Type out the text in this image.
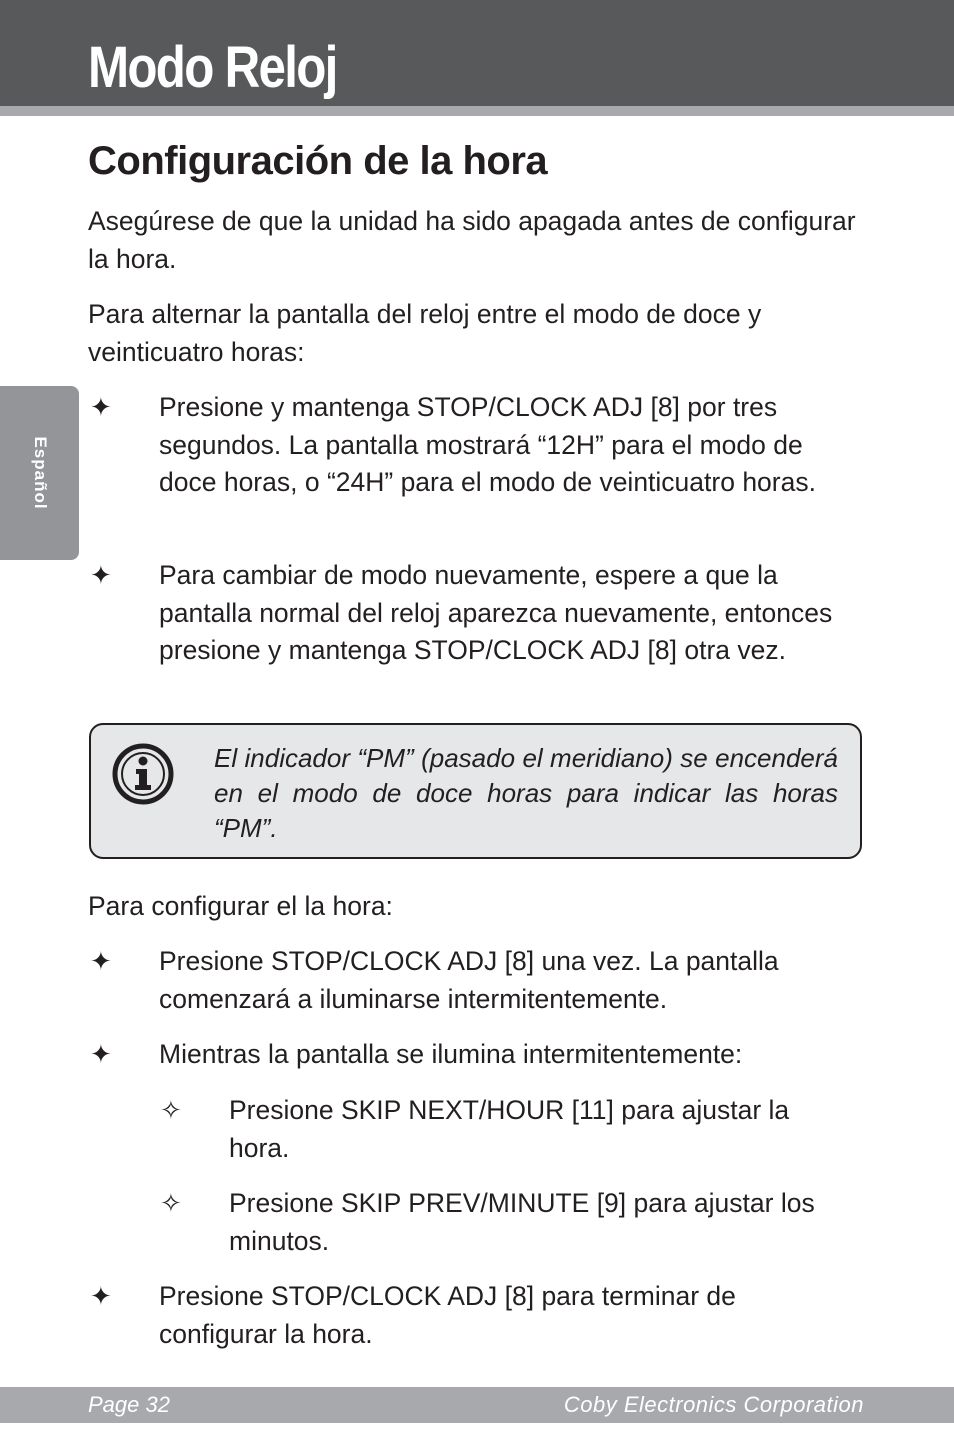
Modo Reloj
Español
Configuración de la hora

Asegúrese de que la unidad ha sido apagada antes de configurar la hora.

Para alternar la pantalla del reloj entre el modo de doce y veinticuatro horas:

✦ Presione y mantenga STOP/CLOCK ADJ [8] por tres segundos. La pantalla mostrará “12H” para el modo de doce horas, o “24H” para el modo de veinticuatro horas.

✦ Para cambiar de modo nuevamente, espere a que la pantalla normal del reloj aparezca nuevamente, entonces presione y mantenga STOP/CLOCK ADJ [8] otra vez.

El indicador “PM” (pasado el meridiano) se encenderá en el modo de doce horas para indicar las horas “PM”.

Para configurar el la hora:

✦ Presione STOP/CLOCK ADJ [8] una vez. La pantalla comenzará a iluminarse intermitentemente.

✦ Mientras la pantalla se ilumina intermitentemente:

✧ Presione SKIP NEXT/HOUR [11] para ajustar la hora.

✧ Presione SKIP PREV/MINUTE [9] para ajustar los minutos.

✦ Presione STOP/CLOCK ADJ [8] para terminar de configurar la hora.

Page 32	Coby Electronics Corporation
